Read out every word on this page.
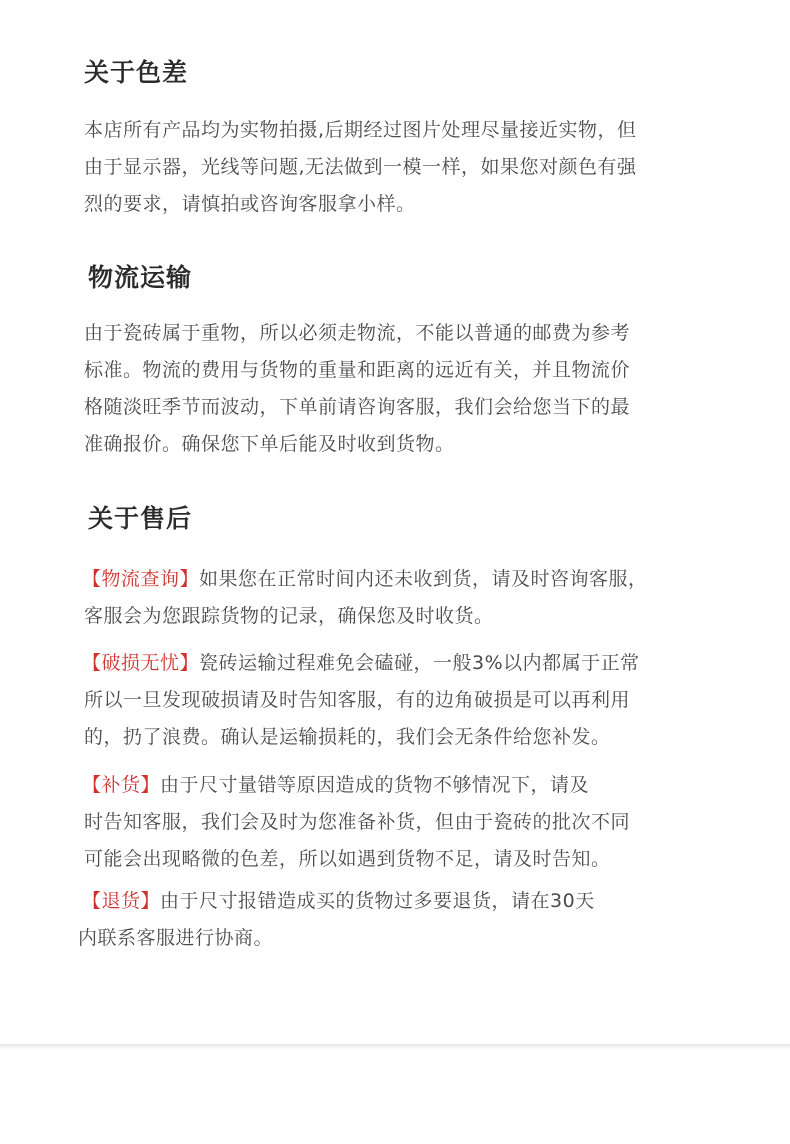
关于色差

本店所有产品均为实物拍摄,后期经过图片处理尽量接近实物，但

由于显示器，光线等问题,无法做到一模一样，如果您对颜色有强

烈的要求，请慎拍或咨询客服拿小样。

物流运输

由于瓷砖属于重物，所以必须走物流，不能以普通的邮费为参考

标准。物流的费用与货物的重量和距离的远近有关，并且物流价

格随淡旺季节而波动，下单前请咨询客服，我们会给您当下的最

准确报价。确保您下单后能及时收到货物。

关于售后
【物流查询】如果您在正常时间内还未收到货，请及时咨询客服，
客服会为您跟踪货物的记录，确保您及时收货。
【破损无忧】瓷砖运输过程难免会磕碰，一般3%以内都属于正常
所以一旦发现破损请及时告知客服，有的边角破损是可以再利用
的，扔了浪费。确认是运输损耗的，我们会无条件给您补发。
【补货】由于尺寸量错等原因造成的货物不够情况下，请及
时告知客服，我们会及时为您准备补货，但由于瓷砖的批次不同
可能会出现略微的色差，所以如遇到货物不足，请及时告知。
【退货】由于尺寸报错造成买的货物过多要退货，请在30天
内联系客服进行协商。
